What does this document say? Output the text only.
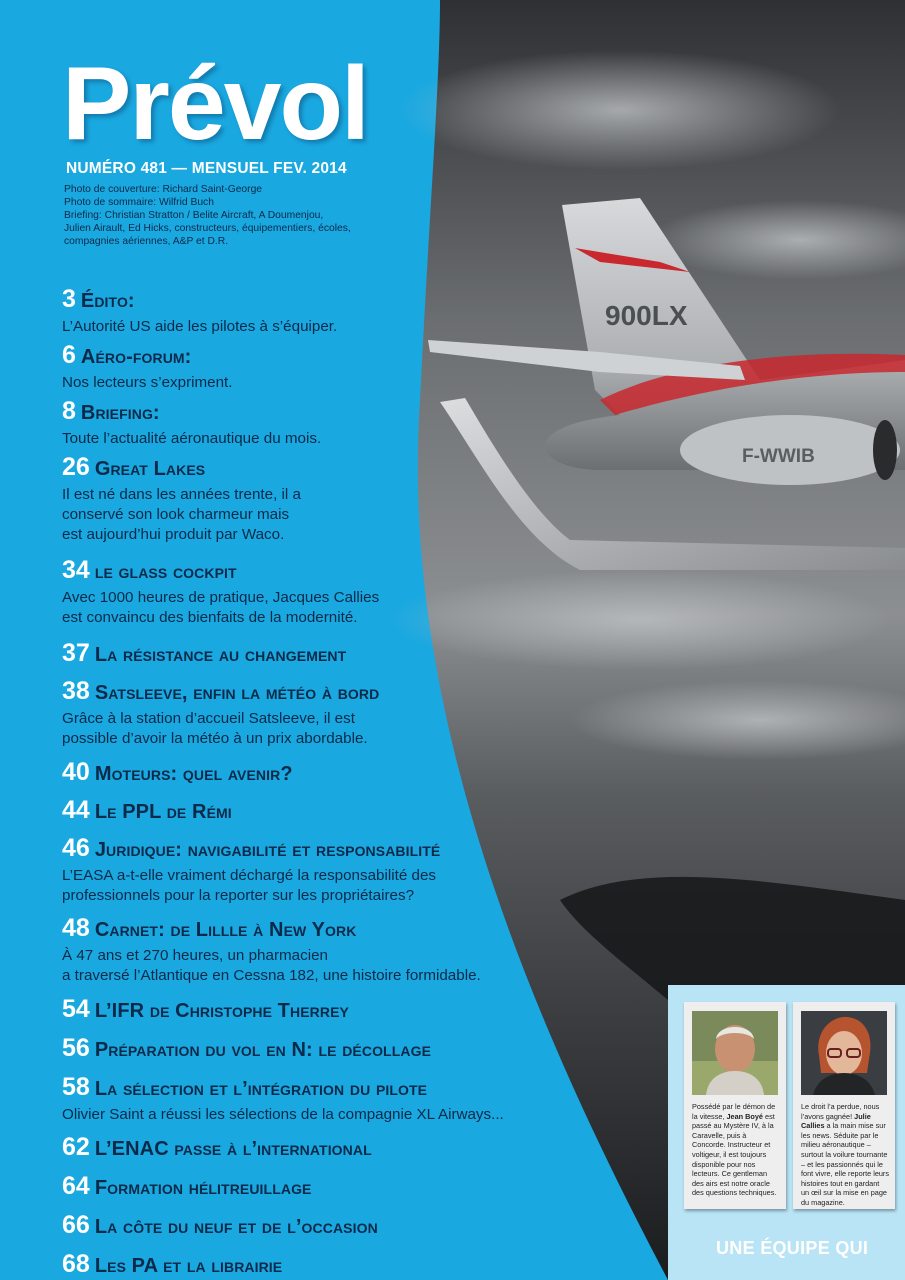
900LX
F-WWIB
Prévol
NUMÉRO 481 — MENSUEL FEV. 2014
Photo de couverture: Richard Saint-George
Photo de sommaire: Wilfrid Buch
Briefing: Christian Stratton / Belite Aircraft, A Doumenjou,
Julien Airault, Ed Hicks, constructeurs, équipementiers, écoles,
compagnies aériennes, A&P et D.R.
3 Édito:
L’Autorité US aide les pilotes à s’équiper.
6 Aéro-forum:
Nos lecteurs s’expriment.
8 Briefing:
Toute l’actualité aéronautique du mois.
26 Great Lakes
Il est né dans les années trente, il a
conservé son look charmeur mais
est aujourd’hui produit par Waco.
34 le glass cockpit
Avec 1000 heures de pratique, Jacques Callies
est convaincu des bienfaits de la modernité.
37 La résistance au changement
38 Satsleeve, enfin la météo à bord
Grâce à la station d’accueil Satsleeve, il est
possible d’avoir la météo à un prix abordable.
40 Moteurs: quel avenir?
44 Le PPL de Rémi
46 Juridique: navigabilité et responsabilité
L’EASA a-t-elle vraiment déchargé la responsabilité des
professionnels pour la reporter sur les propriétaires?
48 Carnet: de Lillle à New York
À 47 ans et 270 heures, un pharmacien
a traversé l’Atlantique en Cessna 182, une histoire formidable.
54 L’IFR de Christophe Therrey
56 Préparation du vol en N: le décollage
58 La sélection et l’intégration du pilote
Olivier Saint a réussi les sélections de la compagnie XL Airways...
62 L’ENAC passe à l’international
64 Formation hélitreuillage
66 La côte du neuf et de l’occasion
68 Les PA et la librairie
Possédé par le démon de la vitesse, Jean Boyé est passé au Mystère IV, à la Caravelle, puis à Concorde. Instructeur et voltigeur, il est toujours disponible pour nos lecteurs. Ce gentleman des airs est notre oracle des questions techniques.
Le droit l’a perdue, nous l’avons gagnée! Julie Callies a la main mise sur les news. Séduite par le milieu aéronautique – surtout la voilure tournante – et les passionnés qui le font vivre, elle reporte leurs histoires tout en gardant un œil sur la mise en page du magazine.
UNE ÉQUIPE QUI
